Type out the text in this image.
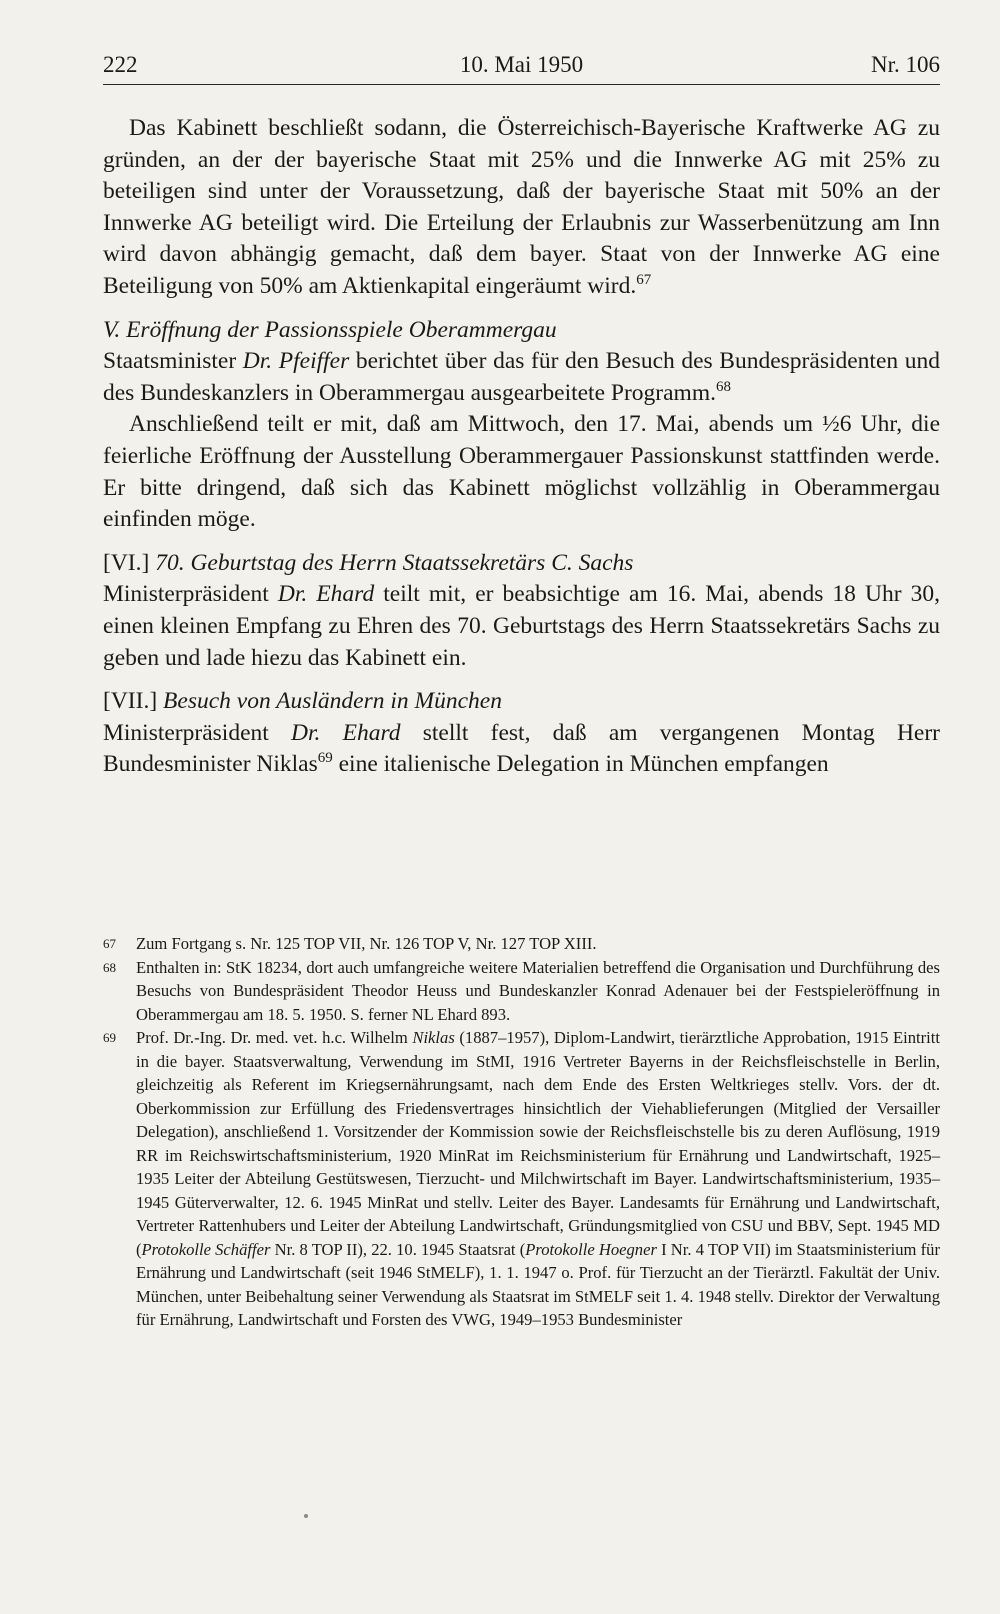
222	10. Mai 1950	Nr. 106

Das Kabinett beschließt sodann, die Österreichisch-Bayerische Kraftwerke AG zu gründen, an der der bayerische Staat mit 25% und die Innwerke AG mit 25% zu beteiligen sind unter der Voraussetzung, daß der bayerische Staat mit 50% an der Innwerke AG beteiligt wird. Die Erteilung der Erlaubnis zur Wasserbenützung am Inn wird davon abhängig gemacht, daß dem bayer. Staat von der Innwerke AG eine Beteiligung von 50% am Aktienkapital eingeräumt wird.$^{67}$

V. Eröffnung der Passionsspiele Oberammergau

Staatsminister Dr. Pfeiffer berichtet über das für den Besuch des Bundespräsidenten und des Bundeskanzlers in Oberammergau ausgearbeitete Programm.$^{68}$

Anschließend teilt er mit, daß am Mittwoch, den 17. Mai, abends um ½6 Uhr, die feierliche Eröffnung der Ausstellung Oberammergauer Passionskunst stattfinden werde. Er bitte dringend, daß sich das Kabinett möglichst vollzählig in Oberammergau einfinden möge.

[VI.] 70. Geburtstag des Herrn Staatssekretärs C. Sachs

Ministerpräsident Dr. Ehard teilt mit, er beabsichtige am 16. Mai, abends 18 Uhr 30, einen kleinen Empfang zu Ehren des 70. Geburtstags des Herrn Staatssekretärs Sachs zu geben und lade hiezu das Kabinett ein.

[VII.] Besuch von Ausländern in München

Ministerpräsident Dr. Ehard stellt fest, daß am vergangenen Montag Herr Bundesminister Niklas$^{69}$ eine italienische Delegation in München empfangen

67 Zum Fortgang s. Nr. 125 TOP VII, Nr. 126 TOP V, Nr. 127 TOP XIII.

68 Enthalten in: StK 18234, dort auch umfangreiche weitere Materialien betreffend die Organisation und Durchführung des Besuchs von Bundespräsident Theodor Heuss und Bundeskanzler Konrad Adenauer bei der Festspieleröffnung in Oberammergau am 18. 5. 1950. S. ferner NL Ehard 893.

69 Prof. Dr.-Ing. Dr. med. vet. h.c. Wilhelm Niklas (1887–1957), Diplom-Landwirt, tierärztliche Approbation, 1915 Eintritt in die bayer. Staatsverwaltung, Verwendung im StMI, 1916 Vertreter Bayerns in der Reichsfleischstelle in Berlin, gleichzeitig als Referent im Kriegsernährungsamt, nach dem Ende des Ersten Weltkrieges stellv. Vors. der dt. Oberkommission zur Erfüllung des Friedensvertrages hinsichtlich der Viehablieferungen (Mitglied der Versailler Delegation), anschließend 1. Vorsitzender der Kommission sowie der Reichsfleischstelle bis zu deren Auflösung, 1919 RR im Reichswirtschaftsministerium, 1920 MinRat im Reichsministerium für Ernährung und Landwirtschaft, 1925–1935 Leiter der Abteilung Gestütswesen, Tierzucht- und Milchwirtschaft im Bayer. Landwirtschaftsministerium, 1935–1945 Güterverwalter, 12. 6. 1945 MinRat und stellv. Leiter des Bayer. Landesamts für Ernährung und Landwirtschaft, Vertreter Rattenhubers und Leiter der Abteilung Landwirtschaft, Gründungsmitglied von CSU und BBV, Sept. 1945 MD (Protokolle Schäffer Nr. 8 TOP II), 22. 10. 1945 Staatsrat (Protokolle Hoegner I Nr. 4 TOP VII) im Staatsministerium für Ernährung und Landwirtschaft (seit 1946 StMELF), 1. 1. 1947 o. Prof. für Tierzucht an der Tierärztl. Fakultät der Univ. München, unter Beibehaltung seiner Verwendung als Staatsrat im StMELF seit 1. 4. 1948 stellv. Direktor der Verwaltung für Ernährung, Landwirtschaft und Forsten des VWG, 1949–1953 Bundesminister
